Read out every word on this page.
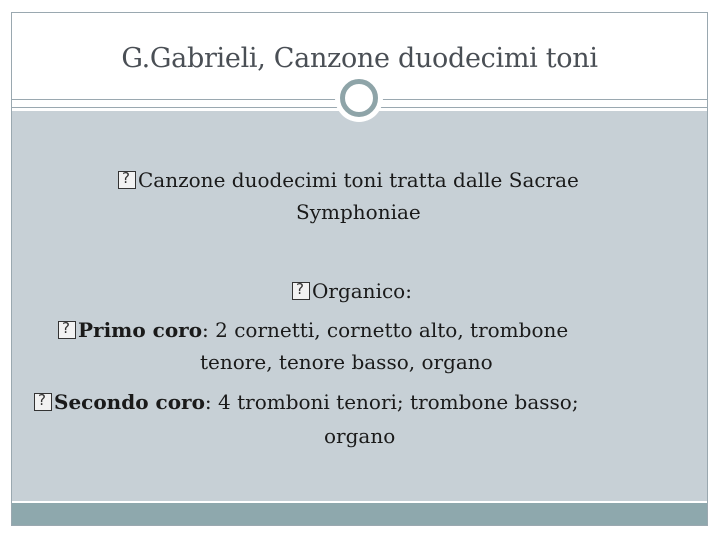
G.Gabrieli, Canzone duodecimi toni
?Canzone duodecimi toni tratta dalle Sacrae
Symphoniae
?Organico:
?Primo coro: 2 cornetti, cornetto alto, trombone
tenore, tenore basso, organo
?Secondo coro: 4 tromboni tenori; trombone basso;
organo
